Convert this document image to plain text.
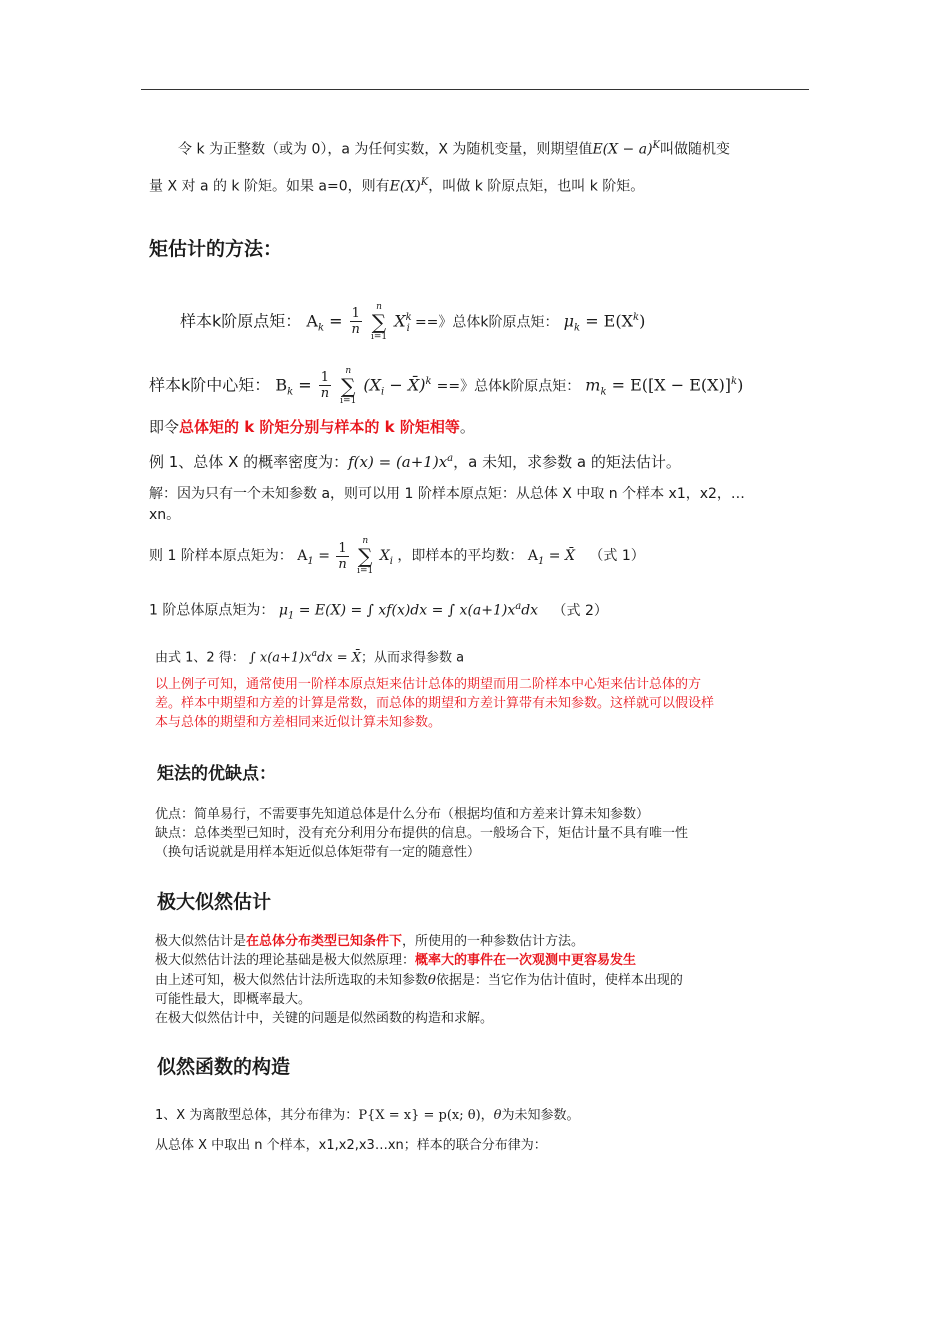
令 k 为正整数（或为 0），a 为任何实数，X 为随机变量，则期望值$E(X - a)^K$叫做随机变
量 X 对 a 的 k 阶矩。如果 a=0，则有$E(X)^K$，叫做 k 阶原点矩，也叫 k 阶矩。
矩估计的方法：
样本k阶原点矩： $A_k = \frac{1}{n}$
	n
∑
i=1
$X^k_i$ ==》总体k阶原点矩： $\mu_k = E(X^k)$
样本k阶中心矩： $B_k = \frac{1}{n}$
	n
∑
i=1
($X_i$ − X̄)$^k$ ==》总体k阶原点矩： $m_k = E([X - E(X)]^k)$
即令总体矩的 k 阶矩分别与样本的 k 阶矩相等。
例 1、总体 X 的概率密度为：$f(x) = (a+1)x^a$，a 未知，求参数 a 的矩法估计。
解：因为只有一个未知参数 a，则可以用 1 阶样本原点矩：从总体 X 中取 n 个样本 x1，x2，…
xn。
则 1 阶样本原点矩为： $A_1 = \frac{1}{n}$
	n
∑
i=1
$X_i$ ，即样本的平均数： $A_1$ = X̄ （式 1）
1 阶总体原点矩为： $\mu_1 = E(X)$ = ∫ xf(x)dx = ∫ $x(a+1)x^adx$ （式 2）
由式 1、2 得： ∫ $x(a+1)x^adx$ = X̄；从而求得参数 a
以上例子可知，通常使用一阶样本原点矩来估计总体的期望而用二阶样本中心矩来估计总体的方差。样本中期望和方差的计算是常数，而总体的期望和方差计算带有未知参数。这样就可以假设样本与总体的期望和方差相同来近似计算未知参数。
矩法的优缺点：
优点：简单易行，不需要事先知道总体是什么分布（根据均值和方差来计算未知参数）
缺点：总体类型已知时，没有充分利用分布提供的信息。一般场合下，矩估计量不具有唯一性
（换句话说就是用样本矩近似总体矩带有一定的随意性）
极大似然估计
极大似然估计是在总体分布类型已知条件下，所使用的一种参数估计方法。
极大似然估计法的理论基础是极大似然原理：概率大的事件在一次观测中更容易发生
由上述可知，极大似然估计法所选取的未知参数θ依据是：当它作为估计值时，使样本出现的
可能性最大，即概率最大。
在极大似然估计中，关键的问题是似然函数的构造和求解。
似然函数的构造
1、X 为离散型总体，其分布律为：P{X = x} = p(x; θ)，θ为未知参数。
从总体 X 中取出 n 个样本，x1,x2,x3…xn；样本的联合分布律为：
